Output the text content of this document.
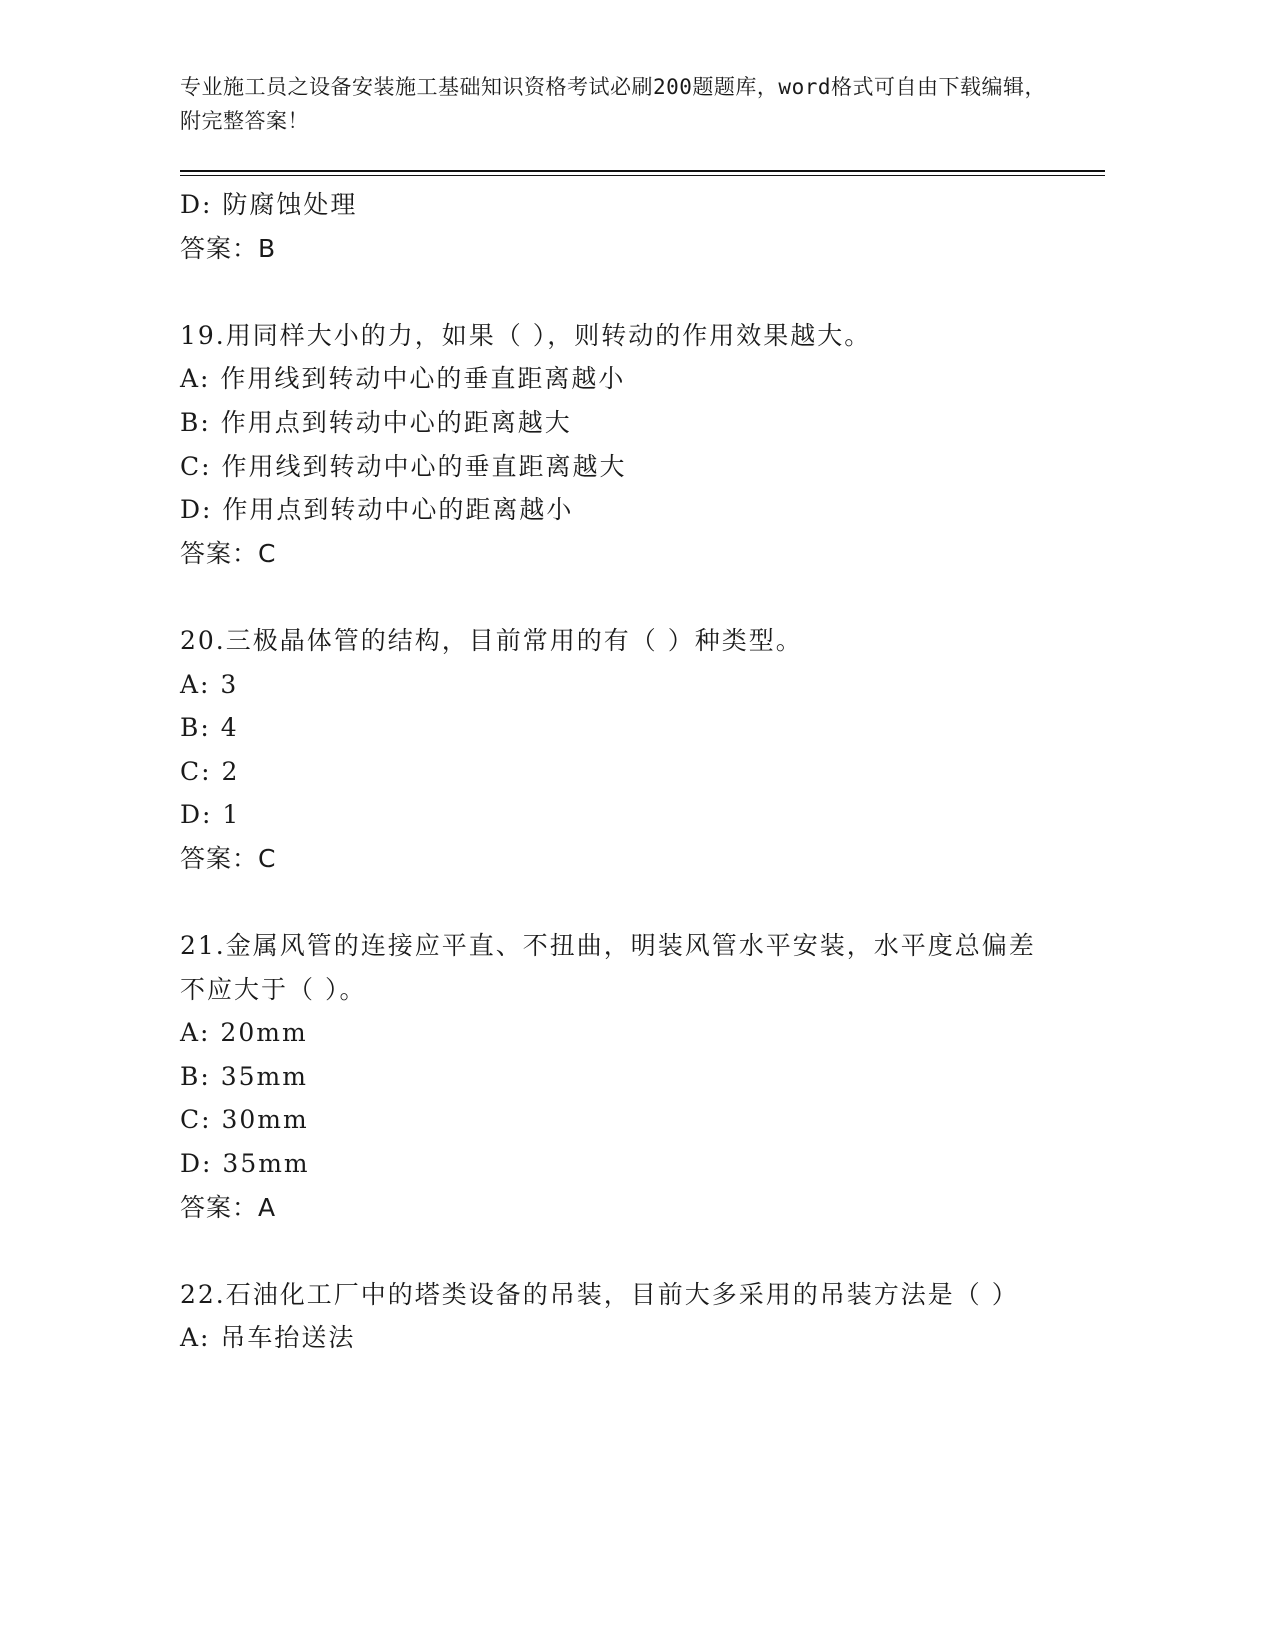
专业施工员之设备安装施工基础知识资格考试必刷200题题库，word格式可自由下载编辑，附完整答案！
D: 防腐蚀处理
答案：B
19.用同样大小的力，如果（ ），则转动的作用效果越大。
A: 作用线到转动中心的垂直距离越小
B: 作用点到转动中心的距离越大
C: 作用线到转动中心的垂直距离越大
D: 作用点到转动中心的距离越小
答案：C
20.三极晶体管的结构，目前常用的有（ ）种类型。
A: 3
B: 4
C: 2
D: 1
答案：C
21.金属风管的连接应平直、不扭曲，明装风管水平安装，水平度总偏差不应大于（ ）。
A: 20mm
B: 35mm
C: 30mm
D: 35mm
答案：A
22.石油化工厂中的塔类设备的吊装，目前大多采用的吊装方法是（ ）
A: 吊车抬送法
